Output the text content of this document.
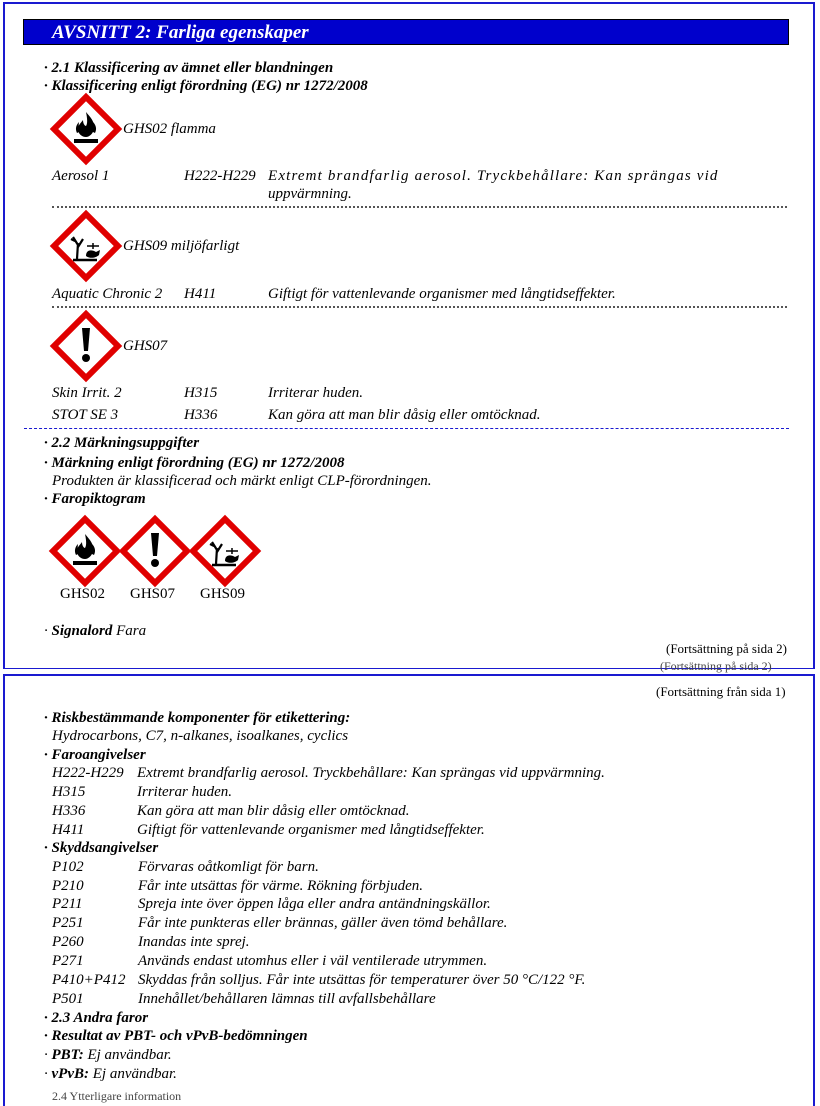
AVSNITT 2: Farliga egenskaper
· 2.1 Klassificering av ämnet eller blandningen
· Klassificering enligt förordning (EG) nr 1272/2008
GHS02 flamma
Aerosol 1	H222-H229 Extremt brandfarlig aerosol. Tryckbehållare: Kan sprängas vid
uppvärmning.
GHS09 miljöfarligt
Aquatic Chronic 2 H411	Giftigt för vattenlevande organismer med långtidseffekter.
GHS07
Skin Irrit. 2	H315	Irriterar huden.
STOT SE 3	H336	Kan göra att man blir dåsig eller omtöcknad.
· 2.2 Märkningsuppgifter
· Märkning enligt förordning (EG) nr 1272/2008
Produkten är klassificerad och märkt enligt CLP-förordningen.
· Faropiktogram
GHS02 GHS07 GHS09
· Signalord Fara
(Fortsättning på sida 2)
(Fortsättning på sida 2)
(Fortsättning från sida 1)
· Riskbestämmande komponenter för etikettering:
Hydrocarbons, C7, n-alkanes, isoalkanes, cyclics
· Faroangivelser
H222-H229 Extremt brandfarlig aerosol. Tryckbehållare: Kan sprängas vid uppvärmning.
H315	Irriterar huden.
H336	Kan göra att man blir dåsig eller omtöcknad.
H411	Giftigt för vattenlevande organismer med långtidseffekter.
· Skyddsangivelser
P102	Förvaras oåtkomligt för barn.
P210	Får inte utsättas för värme. Rökning förbjuden.
P211	Spreja inte över öppen låga eller andra antändningskällor.
P251	Får inte punkteras eller brännas, gäller även tömd behållare.
P260	Inandas inte sprej.
P271	Används endast utomhus eller i väl ventilerade utrymmen.
P410+P412 Skyddas från solljus. Får inte utsättas för temperaturer över 50 °C/122 °F.
P501	Innehållet/behållaren lämnas till avfallsbehållare
· 2.3 Andra faror
· Resultat av PBT- och vPvB-bedömningen
· PBT: Ej användbar.
· vPvB: Ej användbar.
2.4 Ytterligare information
